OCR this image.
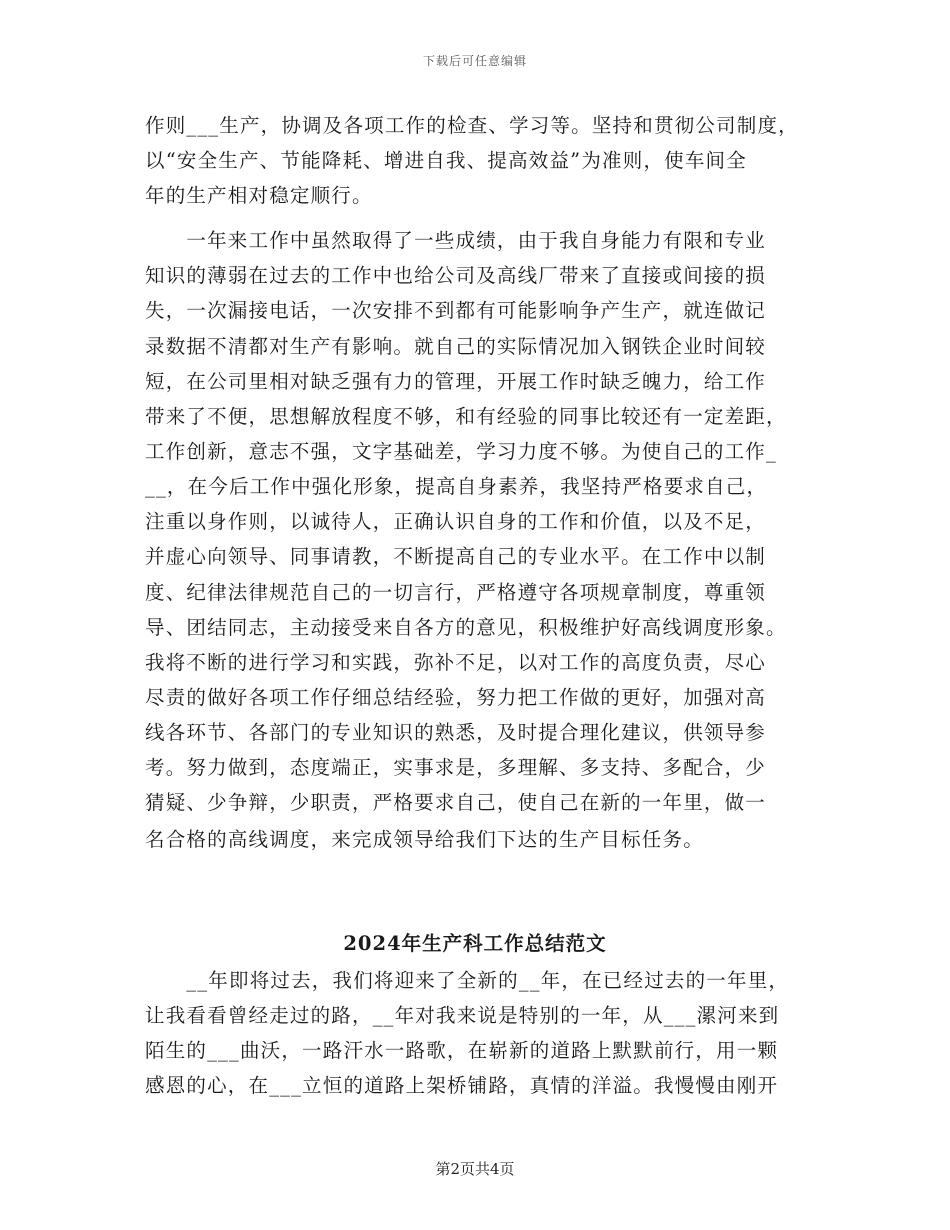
下载后可任意编辑
作则___生产，协调及各项工作的检查、学习等。坚持和贯彻公司制度，
以“安全生产、节能降耗、增进自我、提高效益”为准则，使车间全
年的生产相对稳定顺行。
　　一年来工作中虽然取得了一些成绩，由于我自身能力有限和专业
知识的薄弱在过去的工作中也给公司及高线厂带来了直接或间接的损
失，一次漏接电话，一次安排不到都有可能影响争产生产，就连做记
录数据不清都对生产有影响。就自己的实际情况加入钢铁企业时间较
短，在公司里相对缺乏强有力的管理，开展工作时缺乏魄力，给工作
带来了不便，思想解放程度不够，和有经验的同事比较还有一定差距，
工作创新，意志不强，文字基础差，学习力度不够。为使自己的工作_
__，在今后工作中强化形象，提高自身素养，我坚持严格要求自己，
注重以身作则，以诚待人，正确认识自身的工作和价值，以及不足，
并虚心向领导、同事请教，不断提高自己的专业水平。在工作中以制
度、纪律法律规范自己的一切言行，严格遵守各项规章制度，尊重领
导、团结同志，主动接受来自各方的意见，积极维护好高线调度形象。
我将不断的进行学习和实践，弥补不足，以对工作的高度负责，尽心
尽责的做好各项工作仔细总结经验，努力把工作做的更好，加强对高
线各环节、各部门的专业知识的熟悉，及时提合理化建议，供领导参
考。努力做到，态度端正，实事求是，多理解、多支持、多配合，少
猜疑、少争辩，少职责，严格要求自己，使自己在新的一年里，做一
名合格的高线调度，来完成领导给我们下达的生产目标任务。
2024年生产科工作总结范文
　　__年即将过去，我们将迎来了全新的__年，在已经过去的一年里，
让我看看曾经走过的路，__年对我来说是特别的一年，从___漯河来到
陌生的___曲沃，一路汗水一路歌，在崭新的道路上默默前行，用一颗
感恩的心，在___立恒的道路上架桥铺路，真情的洋溢。我慢慢由刚开
第2页共4页
